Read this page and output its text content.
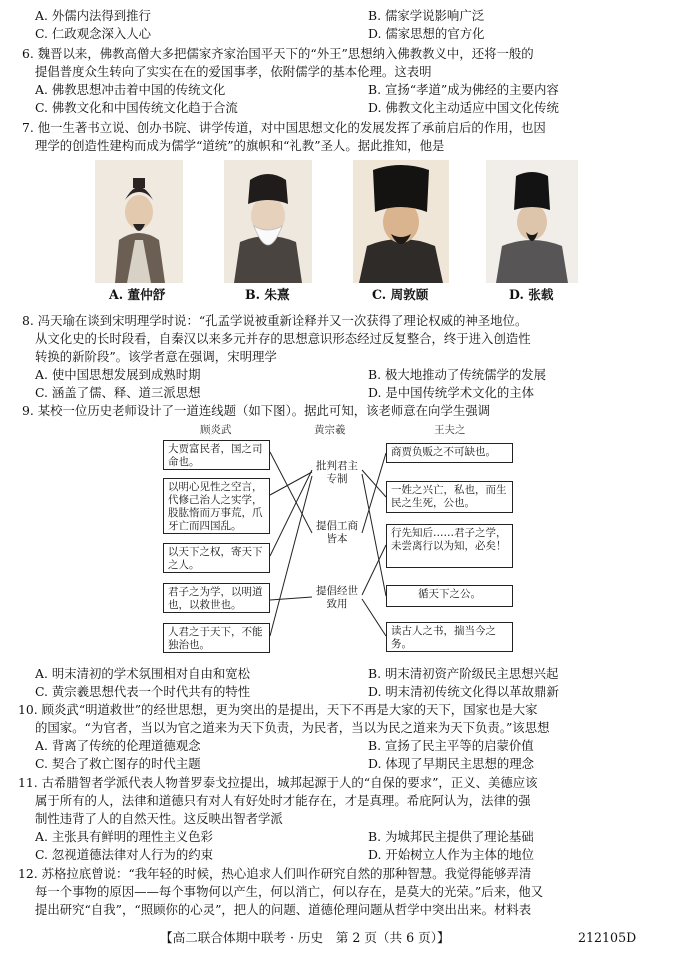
A. 外儒内法得到推行	B. 儒家学说影响广泛
C. 仁政观念深入人心	D. 儒家思想的官方化
6. 魏晋以来，佛教高僧大多把儒家齐家治国平天下的“外王”思想纳入佛教教义中，还将一般的
提倡普度众生转向了实实在在的爱国事孝，依附儒学的基本伦理。这表明
A. 佛教思想冲击着中国的传统文化	B. 宣扬“孝道”成为佛经的主要内容
C. 佛教文化和中国传统文化趋于合流	D. 佛教文化主动适应中国文化传统
7. 他一生著书立说、创办书院、讲学传道，对中国思想文化的发展发挥了承前启后的作用，也因
理学的创造性建构而成为儒学“道统”的旗帜和“礼教”圣人。据此推知，他是
A. 董仲舒	B. 朱熹	C. 周敦颐	D. 张载
8. 冯天瑜在谈到宋明理学时说：“孔孟学说被重新诠释并又一次获得了理论权威的神圣地位。
从文化史的长时段看，自秦汉以来多元并存的思想意识形态经过反复整合，终于进入创造性
转换的新阶段”。该学者意在强调，宋明理学
A. 使中国思想发展到成熟时期	B. 极大地推动了传统儒学的发展
C. 涵盖了儒、释、道三派思想	D. 是中国传统学术文化的主体
9. 某校一位历史老师设计了一道连线题（如下图）。据此可知，该老师意在向学生强调
顾炎武	黄宗羲	王夫之
大贾富民者，国之司命也。
以明心见性之空言，代修己治人之实学，股肱惰而万事荒，爪牙亡而四国乱。
以天下之权，寄天下之人。
君子之为学，以明道也，以救世也。
人君之于天下，不能独治也。
批判君主专制
提倡工商皆本
提倡经世致用
商贾负贩之不可缺也。
一姓之兴亡，私也，而生民之生死，公也。
行先知后……君子之学，未尝离行以为知，必矣！
循天下之公。
读古人之书，揣当今之务。
A. 明末清初的学术氛围相对自由和宽松	B. 明末清初资产阶级民主思想兴起
C. 黄宗羲思想代表一个时代共有的特性	D. 明末清初传统文化得以革故鼎新
10. 顾炎武“明道救世”的经世思想，更为突出的是提出，天下不再是大家的天下，国家也是大家
的国家。“为官者，当以为官之道来为天下负责，为民者，当以为民之道来为天下负责。”该思想
A. 背离了传统的伦理道德观念	B. 宣扬了民主平等的启蒙价值
C. 契合了救亡图存的时代主题	D. 体现了早期民主思想的理念
11. 古希腊智者学派代表人物普罗泰戈拉提出，城邦起源于人的“自保的要求”，正义、美德应该
属于所有的人，法律和道德只有对人有好处时才能存在，才是真理。希庇阿认为，法律的强
制性违背了人的自然天性。这反映出智者学派
A. 主张具有鲜明的理性主义色彩	B. 为城邦民主提供了理论基础
C. 忽视道德法律对人行为的约束	D. 开始树立人作为主体的地位
12. 苏格拉底曾说：“我年轻的时候，热心追求人们叫作研究自然的那种智慧。我觉得能够弄清
每一个事物的原因——每个事物何以产生，何以消亡，何以存在，是莫大的光荣。”后来，他又
提出研究“自我”，“照顾你的心灵”，把人的问题、道德伦理问题从哲学中突出出来。材料表
【高二联合体期中联考 · 历史　第 2 页（共 6 页）】	212105D
